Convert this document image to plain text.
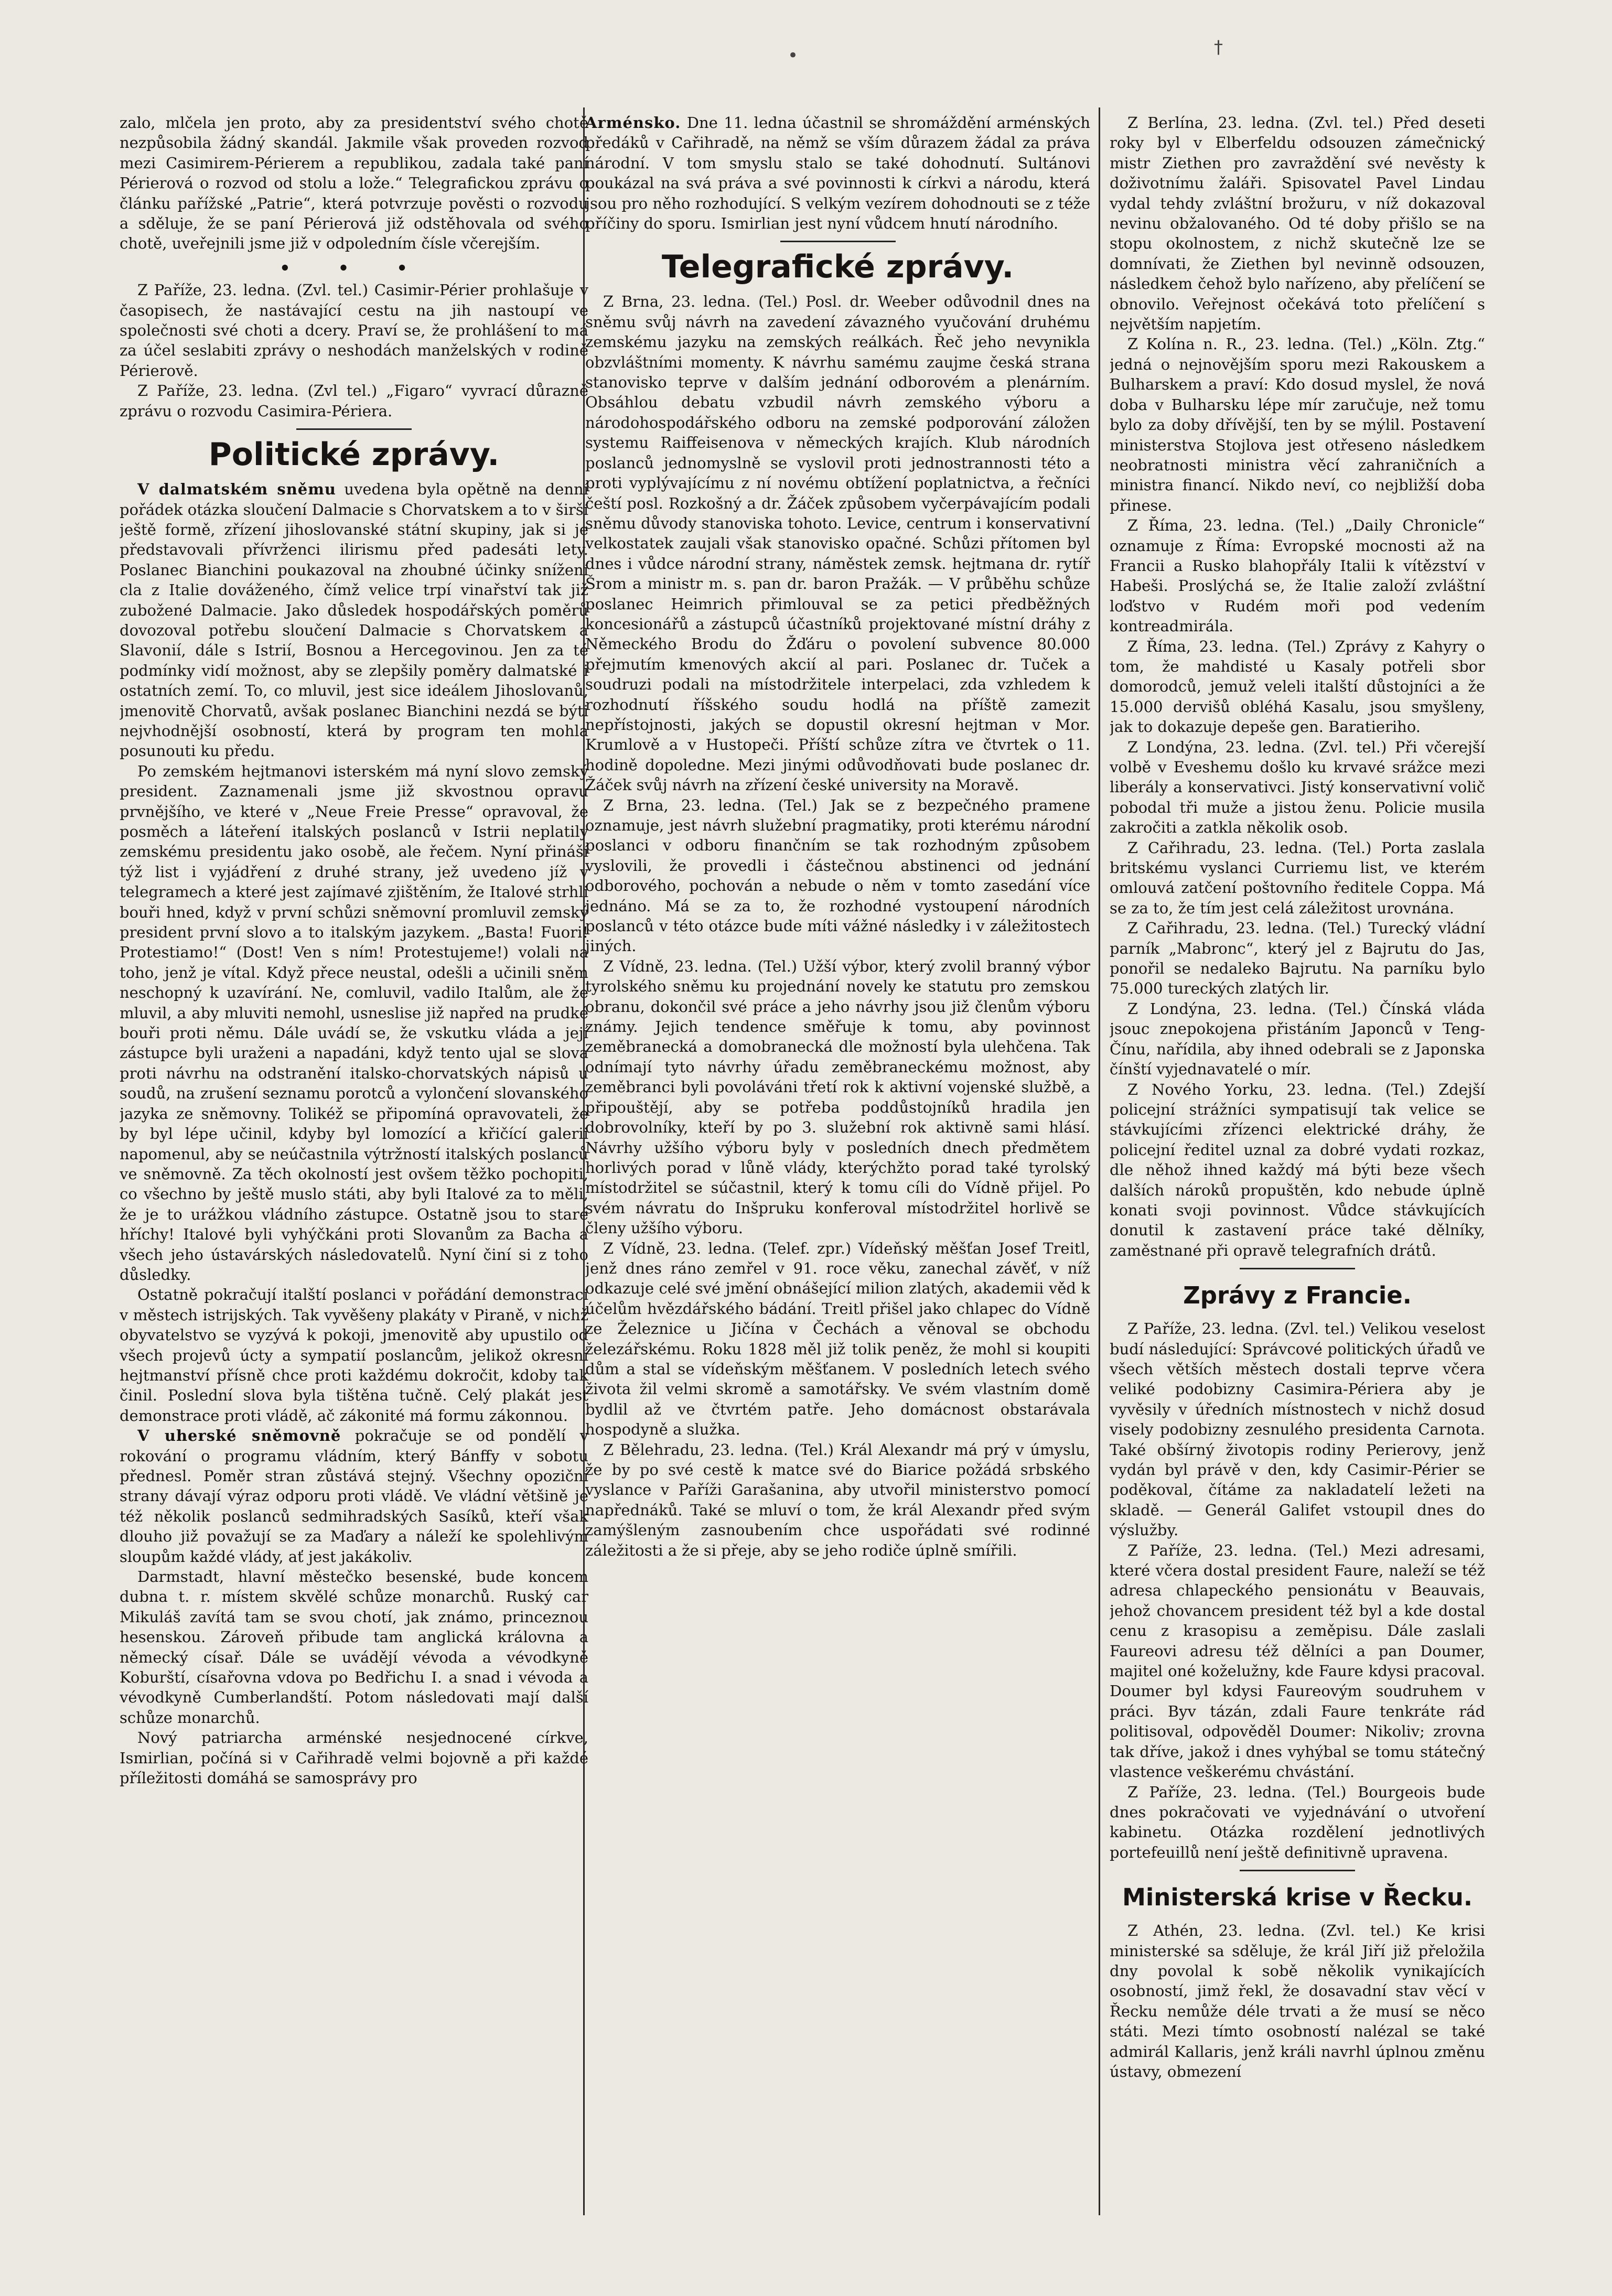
•	†

zalo, mlčela jen proto, aby za presidentství svého chotě nezpůsobila žádný skandál. Jakmile však proveden rozvod mezi Casimirem-Périerem a republikou, zadala také paní Périerová o rozvod od stolu a lože.“ Telegrafickou zprávu o článku pařížské „Patrie“, která potvrzuje pověsti o rozvodu a sděluje, že se paní Périerová již odstěhovala od svého chotě, uveřejnili jsme již v odpoledním čísle včerejším.

• • •

Z Paříže, 23. ledna. (Zvl. tel.) Casimir-Périer prohlašuje v časopisech, že nastávající cestu na jih nastoupí ve společnosti své choti a dcery. Praví se, že prohlášení to má za účel seslabiti zprávy o neshodách manželských v rodině Périerově.

Z Paříže, 23. ledna. (Zvl tel.) „Figaro“ vyvrací důrazně zprávu o rozvodu Casimira-Périera.

Politické zprávy.

V dalmatském sněmu uvedena byla opětně na denní pořádek otázka sloučení Dalmacie s Chorvatskem a to v širší ještě formě, zřízení jihoslovanské státní skupiny, jak si je představovali přívrženci ilirismu před padesáti lety. Poslanec Bianchini poukazoval na zhoubné účinky snížení cla z Italie dováženého, čímž velice trpí vinařství tak již zubožené Dalmacie. Jako důsledek hospodářských poměrů dovozoval potřebu sloučení Dalmacie s Chorvatskem a Slavonií, dále s Istrií, Bosnou a Hercegovinou. Jen za té podmínky vidí možnost, aby se zlepšily poměry dalmatské i ostatních zemí. To, co mluvil, jest sice ideálem Jihoslovanů, jmenovitě Chorvatů, avšak poslanec Bianchini nezdá se býti nejvhodnější osobností, která by program ten mohla posunouti ku předu.

Po zemském hejtmanovi isterském má nyní slovo zemský president. Zaznamenali jsme již skvostnou opravu prvnějšího, ve které v „Neue Freie Presse“ opravoval, že posměch a láteření italských poslanců v Istrii neplatily zemskému presidentu jako osobě, ale řečem. Nyní přináší týž list i vyjádření z druhé strany, jež uvedeno jíž v telegramech a které jest zajímavé zjištěním, že Italové strhli bouři hned, když v první schůzi sněmovní promluvil zemský president první slovo a to italským jazykem. „Basta! Fuori! Protestiamo!“ (Dost! Ven s ním! Protestujeme!) volali na toho, jenž je vítal. Když přece neustal, odešli a učinili sněm neschopný k uzavírání. Ne, comluvil, vadilo Italům, ale že mluvil, a aby mluviti nemohl, usneslise již napřed na prudké bouři proti němu. Dále uvádí se, že vskutku vláda a její zástupce byli uraženi a napadáni, když tento ujal se slova proti návrhu na odstranění italsko-chorvatských nápisů u soudů, na zrušení seznamu porotců a vylončení slovanského jazyka ze sněmovny. Tolikéž se připomíná opravovateli, že by byl lépe učinil, kdyby byl lomozící a křičící galerii napomenul, aby se neúčastnila výtržností italských poslanců ve sněmovně. Za těch okolností jest ovšem těžko pochopiti, co všechno by ještě muslo státi, aby byli Italové za to měli, že je to urážkou vládního zástupce. Ostatně jsou to staré hříchy! Italové byli vyhýčkáni proti Slovanům za Bacha a všech jeho ústavárských následovatelů. Nyní činí si z toho důsledky.

Ostatně pokračují italští poslanci v pořádání demonstrací v městech istrijských. Tak vyvěšeny plakáty v Piraně, v nichž obyvatelstvo se vyzývá k pokoji, jmenovitě aby upustilo od všech projevů úcty a sympatií poslancům, jelikož okresní hejtmanství přísně chce proti každému dokročit, kdoby tak činil. Poslední slova byla tištěna tučně. Celý plakát jest demonstrace proti vládě, ač zákonité má formu zákonnou.

V uherské sněmovně pokračuje se od pondělí v rokování o programu vládním, který Bánffy v sobotu přednesl. Poměr stran zůstává stejný. Všechny opoziční strany dávají výraz odporu proti vládě. Ve vládní většině je též několik poslanců sedmihradských Sasíků, kteří však dlouho již považují se za Maďary a náleží ke spolehlivým sloupům každé vlády, ať jest jakákoliv.

Darmstadt, hlavní městečko besenské, bude koncem dubna t. r. místem skvělé schůze monarchů. Ruský car Mikuláš zavítá tam se svou chotí, jak známo, princeznou hesenskou. Zároveň přibude tam anglická královna a německý císař. Dále se uvádějí vévoda a vévodkyně Koburští, císařovna vdova po Bedřichu I. a snad i vévoda a vévodkyně Cumberlandští. Potom následovati mají další schůze monarchů.

Nový patriarcha arménské nesjednocené církve, Ismirlian, počíná si v Cařihradě velmi bojovně a při každé příležitosti domáhá se samosprávy pro

Arménsko. Dne 11. ledna účastnil se shromáždění arménských předáků v Cařihradě, na němž se vším důrazem žádal za práva národní. V tom smyslu stalo se také dohodnutí. Sultánovi poukázal na svá práva a své povinnosti k církvi a národu, která jsou pro něho rozhodující. S velkým vezírem dohodnouti se z téže příčiny do sporu. Ismirlian jest nyní vůdcem hnutí národního.

Telegrafické zprávy.

Z Brna, 23. ledna. (Tel.) Posl. dr. Weeber odůvodnil dnes na sněmu svůj návrh na zavedení závazného vyučování druhému zemskému jazyku na zemských reálkách. Řeč jeho nevynikla obzvláštními momenty. K návrhu samému zaujme česká strana stanovisko teprve v dalším jednání odborovém a plenárním. Obsáhlou debatu vzbudil návrh zemského výboru a národohospodářského odboru na zemské podporování záložen systemu Raiffeisenova v německých krajích. Klub národních poslanců jednomyslně se vyslovil proti jednostrannosti této a proti vyplývajícímu z ní novému obtížení poplatnictva, a řečníci čeští posl. Rozkošný a dr. Žáček způsobem vyčerpávajícím podali sněmu důvody stanoviska tohoto. Levice, centrum i konservativní velkostatek zaujali však stanovisko opačné. Schůzi přítomen byl dnes i vůdce národní strany, náměstek zemsk. hejtmana dr. rytíř Šrom a ministr m. s. pan dr. baron Pražák. — V průběhu schůze poslanec Heimrich přimlouval se za petici předběžných koncesionářů a zástupců účastníků projektované místní dráhy z Německého Brodu do Žďáru o povolení subvence 80.000 přejmutím kmenových akcií al pari. Poslanec dr. Tuček a soudruzi podali na místodržitele interpelaci, zda vzhledem k rozhodnutí říšského soudu hodlá na příště zamezit nepřístojnosti, jakých se dopustil okresní hejtman v Mor. Krumlově a v Hustopeči. Příští schůze zítra ve čtvrtek o 11. hodině dopoledne. Mezi jinými odůvodňovati bude poslanec dr. Žáček svůj návrh na zřízení české university na Moravě.

Z Brna, 23. ledna. (Tel.) Jak se z bezpečného pramene oznamuje, jest návrh služební pragmatiky, proti kterému národní poslanci v odboru finančním se tak rozhodným způsobem vyslovili, že provedli i částečnou abstinenci od jednání odborového, pochován a nebude o něm v tomto zasedání více jednáno. Má se za to, že rozhodné vystoupení národních poslanců v této otázce bude míti vážné následky i v záležitostech jiných.

Z Vídně, 23. ledna. (Tel.) Užší výbor, který zvolil branný výbor tyrolského sněmu ku projednání novely ke statutu pro zemskou obranu, dokončil své práce a jeho návrhy jsou již členům výboru známy. Jejich tendence směřuje k tomu, aby povinnost zeměbranecká a domobranecká dle možností byla ulehčena. Tak odnímají tyto návrhy úřadu zeměbraneckému možnost, aby zeměbranci byli povoláváni třetí rok k aktivní vojenské službě, a připouštějí, aby se potřeba poddůstojníků hradila jen dobrovolníky, kteří by po 3. služební rok aktivně sami hlásí. Návrhy užšího výboru byly v posledních dnech předmětem horlivých porad v lůně vlády, kterýchžto porad také tyrolský místodržitel se súčastnil, který k tomu cíli do Vídně přijel. Po svém návratu do Inšpruku konferoval místodržitel horlivě se členy užšího výboru.

Z Vídně, 23. ledna. (Telef. zpr.) Vídeňský měšťan Josef Treitl, jenž dnes ráno zemřel v 91. roce věku, zanechal závěť, v níž odkazuje celé své jmění obnášející milion zlatých, akademii věd k účelům hvězdářského bádání. Treitl přišel jako chlapec do Vídně ze Železnice u Jičína v Čechách a věnoval se obchodu železářskému. Roku 1828 měl již tolik peněz, že mohl si koupiti dům a stal se vídeňským měšťanem. V posledních letech svého života žil velmi skromě a samotářsky. Ve svém vlastním domě bydlil až ve čtvrtém patře. Jeho domácnost obstarávala hospodyně a služka.

Z Bělehradu, 23. ledna. (Tel.) Král Alexandr má prý v úmyslu, že by po své cestě k matce své do Biarice požádá srbského vyslance v Paříži Garašanina, aby utvořil ministerstvo pomocí napřednáků. Také se mluví o tom, že král Alexandr před svým zamýšleným zasnoubením chce uspořádati své rodinné záležitosti a že si přeje, aby se jeho rodiče úplně smířili.

Z Berlína, 23. ledna. (Zvl. tel.) Před deseti roky byl v Elberfeldu odsouzen zámečnický mistr Ziethen pro zavraždění své nevěsty k doživotnímu žaláři. Spisovatel Pavel Lindau vydal tehdy zvláštní brožuru, v níž dokazoval nevinu obžalovaného. Od té doby přišlo se na stopu okolnostem, z nichž skutečně lze se domnívati, že Ziethen byl nevinně odsouzen, následkem čehož bylo nařízeno, aby přelíčení se obnovilo. Veřejnost očekává toto přelíčení s největším napjetím.

Z Kolína n. R., 23. ledna. (Tel.) „Köln. Ztg.“ jedná o nejnovějším sporu mezi Rakouskem a Bulharskem a praví: Kdo dosud myslel, že nová doba v Bulharsku lépe mír zaručuje, než tomu bylo za doby dřívější, ten by se mýlil. Postavení ministerstva Stojlova jest otřeseno následkem neobratnosti ministra věcí zahraničních a ministra financí. Nikdo neví, co nejbližší doba přinese.

Z Říma, 23. ledna. (Tel.) „Daily Chronicle“ oznamuje z Říma: Evropské mocnosti až na Francii a Rusko blahopřály Italii k vítězství v Habeši. Proslýchá se, že Italie založí zvláštní loďstvo v Rudém moři pod vedením kontreadmirála.

Z Říma, 23. ledna. (Tel.) Zprávy z Kahyry o tom, že mahdisté u Kasaly potřeli sbor domorodců, jemuž veleli italští důstojníci a že 15.000 dervišů obléhá Kasalu, jsou smyšleny, jak to dokazuje depeše gen. Baratieriho.

Z Londýna, 23. ledna. (Zvl. tel.) Při včerejší volbě v Eveshemu došlo ku krvavé srážce mezi liberály a konservativci. Jistý konservativní volič pobodal tři muže a jistou ženu. Policie musila zakročiti a zatkla několik osob.

Z Cařihradu, 23. ledna. (Tel.) Porta zaslala britskému vyslanci Curriemu list, ve kterém omlouvá zatčení poštovního ředitele Coppa. Má se za to, že tím jest celá záležitost urovnána.

Z Cařihradu, 23. ledna. (Tel.) Turecký vládní parník „Mabronc“, který jel z Bajrutu do Jas, ponořil se nedaleko Bajrutu. Na parníku bylo 75.000 tureckých zlatých lir.

Z Londýna, 23. ledna. (Tel.) Čínská vláda jsouc znepokojena přistáním Japonců v Teng-Čínu, nařídila, aby ihned odebrali se z Japonska čínští vyjednavatelé o mír.

Z Nového Yorku, 23. ledna. (Tel.) Zdejší policejní strážníci sympatisují tak velice se stávkujícími zřízenci elektrické dráhy, že policejní ředitel uznal za dobré vydati rozkaz, dle něhož ihned každý má býti beze všech dalších nároků propuštěn, kdo nebude úplně konati svoji povinnost. Vůdce stávkujících donutil k zastavení práce také dělníky, zaměstnané při opravě telegrafních drátů.

Zprávy z Francie.

Z Paříže, 23. ledna. (Zvl. tel.) Velikou veselost budí následující: Správcové politických úřadů ve všech větších městech dostali teprve včera veliké podobizny Casimira-Périera aby je vyvěsily v úředních místnostech v nichž dosud visely podobizny zesnulého presidenta Carnota. Také obšírný životopis rodiny Perierovy, jenž vydán byl právě v den, kdy Casimir-Périer se poděkoval, čítáme za nakladatelí ležeti na skladě. — Generál Galifet vstoupil dnes do výslužby.

Z Paříže, 23. ledna. (Tel.) Mezi adresami, které včera dostal president Faure, naleží se též adresa chlapeckého pensionátu v Beauvais, jehož chovancem president též byl a kde dostal cenu z krasopisu a zeměpisu. Dále zaslali Faureovi adresu též dělníci a pan Doumer, majitel oné koželužny, kde Faure kdysi pracoval. Doumer byl kdysi Faureovým soudruhem v práci. Byv tázán, zdali Faure tenkráte rád politisoval, odpověděl Doumer: Nikoliv; zrovna tak dříve, jakož i dnes vyhýbal se tomu státečný vlastence veškerému chvástání.

Z Paříže, 23. ledna. (Tel.) Bourgeois bude dnes pokračovati ve vyjednávání o utvoření kabinetu. Otázka rozdělení jednotlivých portefeuillů není ještě definitivně upravena.

Ministerská krise v Řecku.

Z Athén, 23. ledna. (Zvl. tel.) Ke krisi ministerské sa sděluje, že král Jiří již přeložila dny povolal k sobě několik vynikajících osobností, jimž řekl, že dosavadní stav věcí v Řecku nemůže déle trvati a že musí se něco státi. Mezi tímto osobností nalézal se také admirál Kallaris, jenž králi navrhl úplnou změnu ústavy, obmezení
